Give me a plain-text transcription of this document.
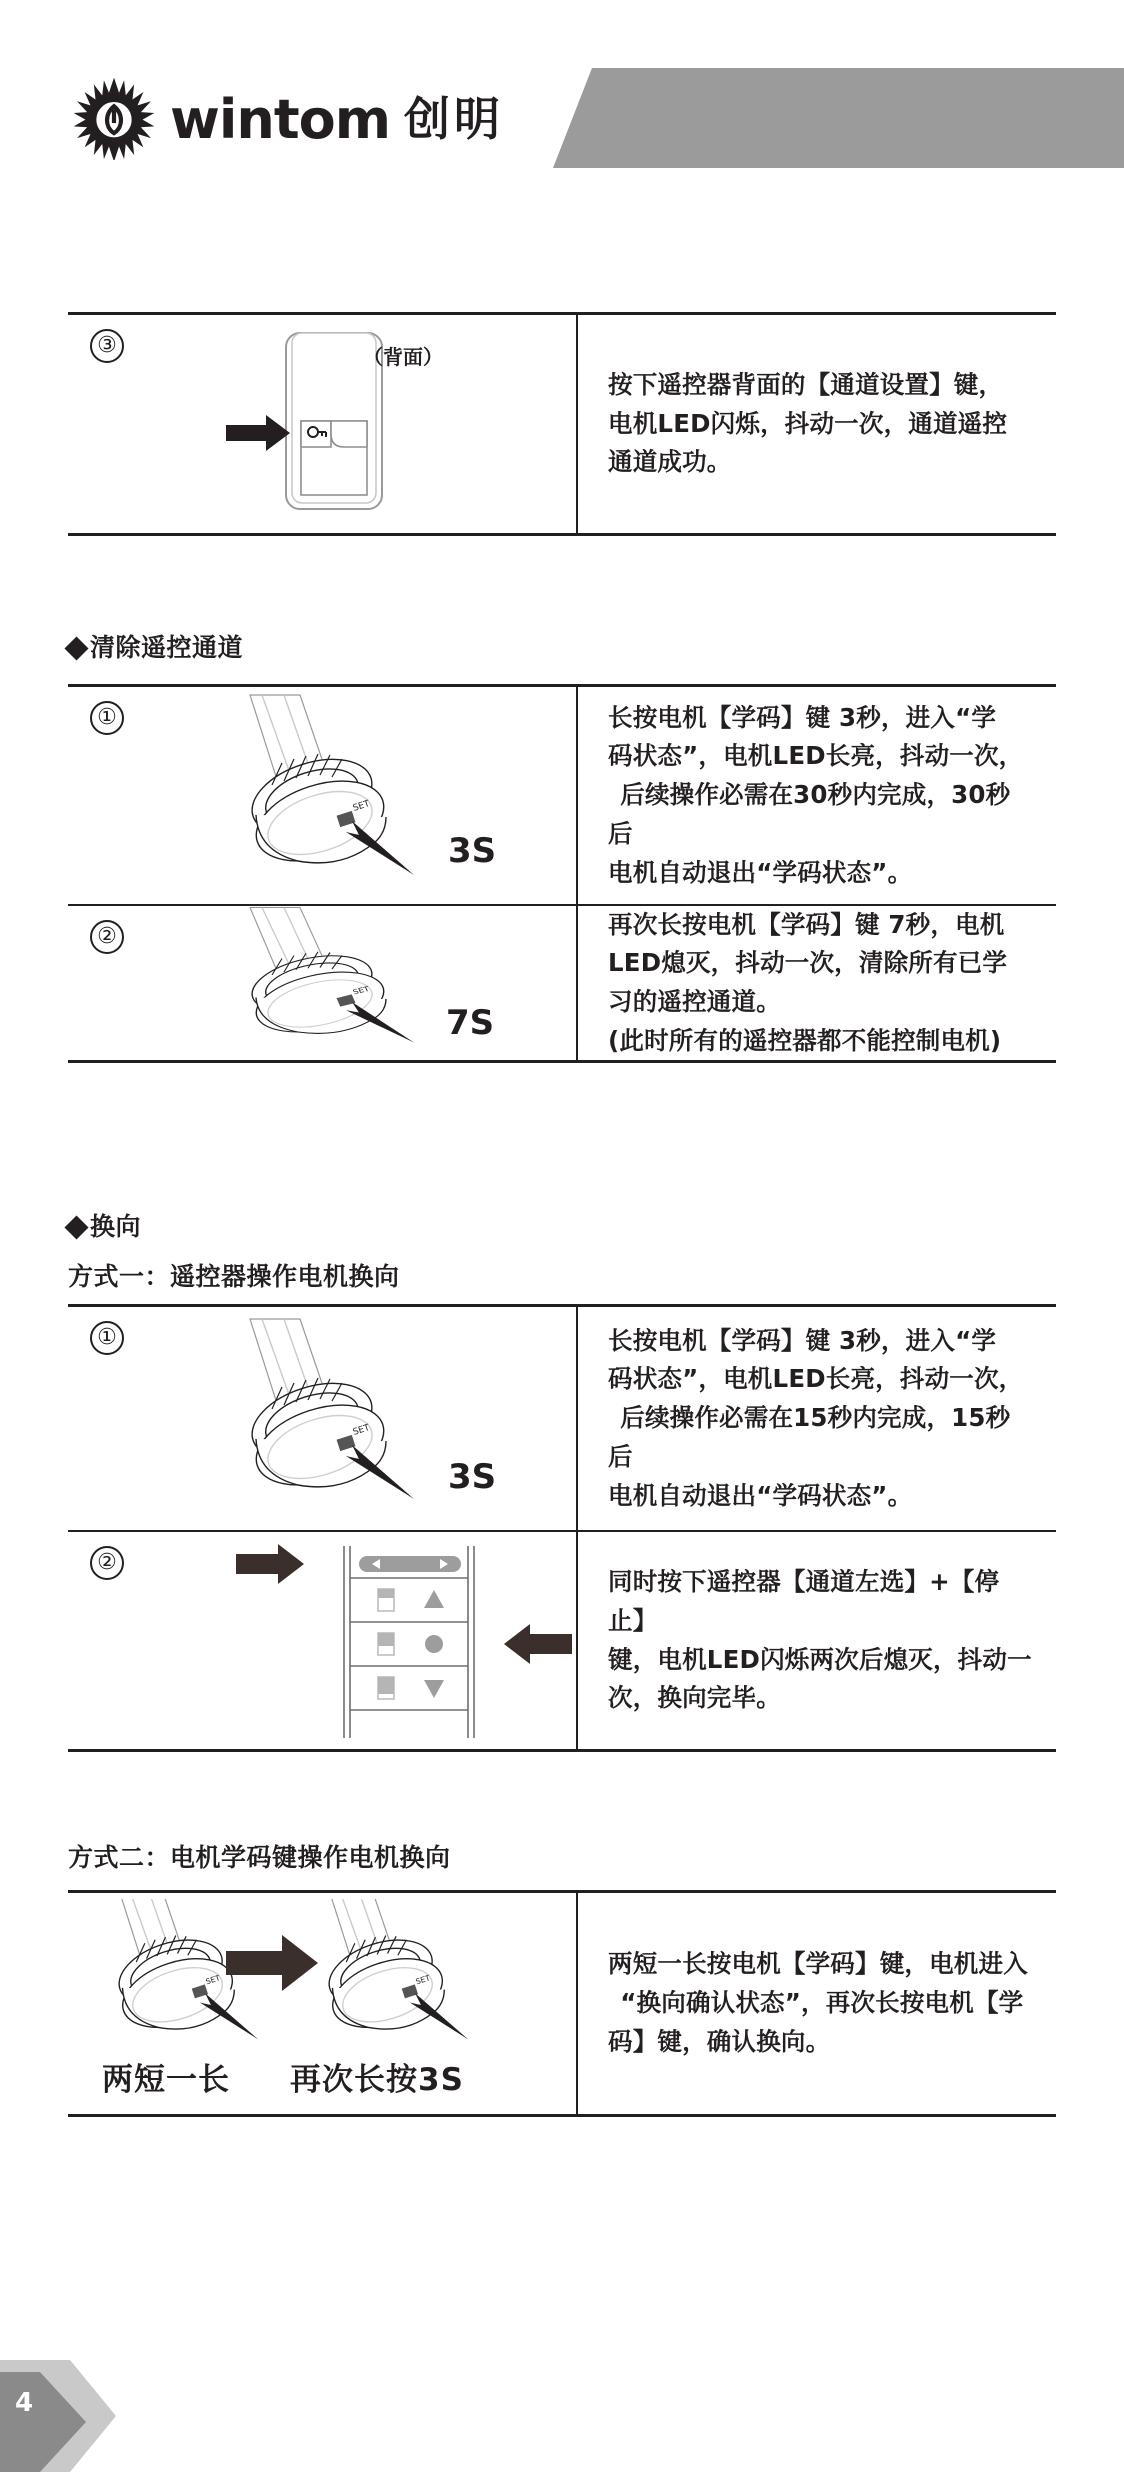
wintom 创明
③	（背面）

按下遥控器背面的【通道设置】键，

电机LED闪烁，抖动一次，通道遥控

通道成功。

清除遥控通道
①
SET
3S

长按电机【学码】键 3秒，进入“学

码状态”，电机LED长亮，抖动一次，

后续操作必需在30秒内完成，30秒后

电机自动退出“学码状态”。

②
SET
7S

再次长按电机【学码】键 7秒，电机

LED熄灭，抖动一次，清除所有已学

习的遥控通道。

(此时所有的遥控器都不能控制电机)

换向
方式一：遥控器操作电机换向
①
SET
3S

长按电机【学码】键 3秒，进入“学

码状态”，电机LED长亮，抖动一次，

后续操作必需在15秒内完成，15秒后

电机自动退出“学码状态”。

②

同时按下遥控器【通道左选】+【停止】

键，电机LED闪烁两次后熄灭，抖动一

次，换向完毕。

方式二：电机学码键操作电机换向
SET	SET
两短一长 再次长按3S

两短一长按电机【学码】键，电机进入

“换向确认状态”，再次长按电机【学

码】键，确认换向。

4
